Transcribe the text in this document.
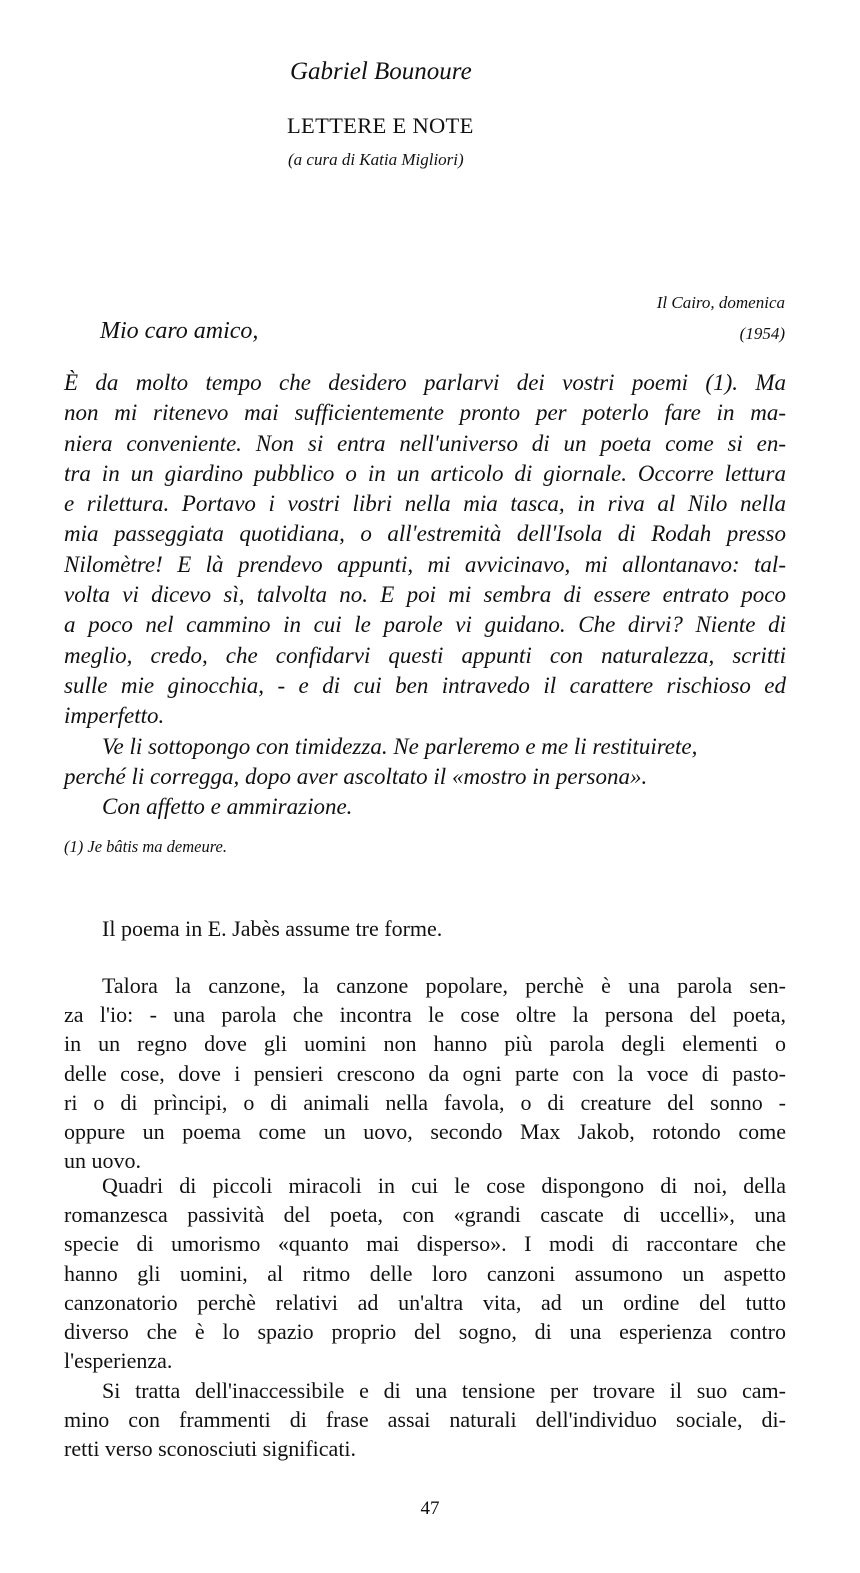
Gabriel Bounoure
LETTERE E NOTE
(a cura di Katia Migliori)
Il Cairo, domenica
(1954)
Mio caro amico,

È da molto tempo che desidero parlarvi dei vostri poemi (1). Ma
non mi ritenevo mai sufficientemente pronto per poterlo fare in ma-
niera conveniente. Non si entra nell'universo di un poeta come si en-
tra in un giardino pubblico o in un articolo di giornale. Occorre lettura
e rilettura. Portavo i vostri libri nella mia tasca, in riva al Nilo nella
mia passeggiata quotidiana, o all'estremità dell'Isola di Rodah presso
Nilomètre! E là prendevo appunti, mi avvicinavo, mi allontanavo: tal-
volta vi dicevo sì, talvolta no. E poi mi sembra di essere entrato poco
a poco nel cammino in cui le parole vi guidano. Che dirvi? Niente di
meglio, credo, che confidarvi questi appunti con naturalezza, scritti
sulle mie ginocchia, - e di cui ben intravedo il carattere rischioso ed
imperfetto.

Ve li sottopongo con timidezza. Ne parleremo e me li restituirete,
perché li corregga, dopo aver ascoltato il «mostro in persona».
Con affetto e ammirazione.

(1) Je bâtis ma demeure.
Il poema in E. Jabès assume tre forme.
Talora la canzone, la canzone popolare, perchè è una parola sen-
za l'io: - una parola che incontra le cose oltre la persona del poeta,
in un regno dove gli uomini non hanno più parola degli elementi o
delle cose, dove i pensieri crescono da ogni parte con la voce di pasto-
ri o di prìncipi, o di animali nella favola, o di creature del sonno -
oppure un poema come un uovo, secondo Max Jakob, rotondo come
un uovo.
Quadri di piccoli miracoli in cui le cose dispongono di noi, della
romanzesca passività del poeta, con «grandi cascate di uccelli», una
specie di umorismo «quanto mai disperso». I modi di raccontare che
hanno gli uomini, al ritmo delle loro canzoni assumono un aspetto
canzonatorio perchè relativi ad un'altra vita, ad un ordine del tutto
diverso che è lo spazio proprio del sogno, di una esperienza contro
l'esperienza.
Si tratta dell'inaccessibile e di una tensione per trovare il suo cam-
mino con frammenti di frase assai naturali dell'individuo sociale, di-
retti verso sconosciuti significati.
47
